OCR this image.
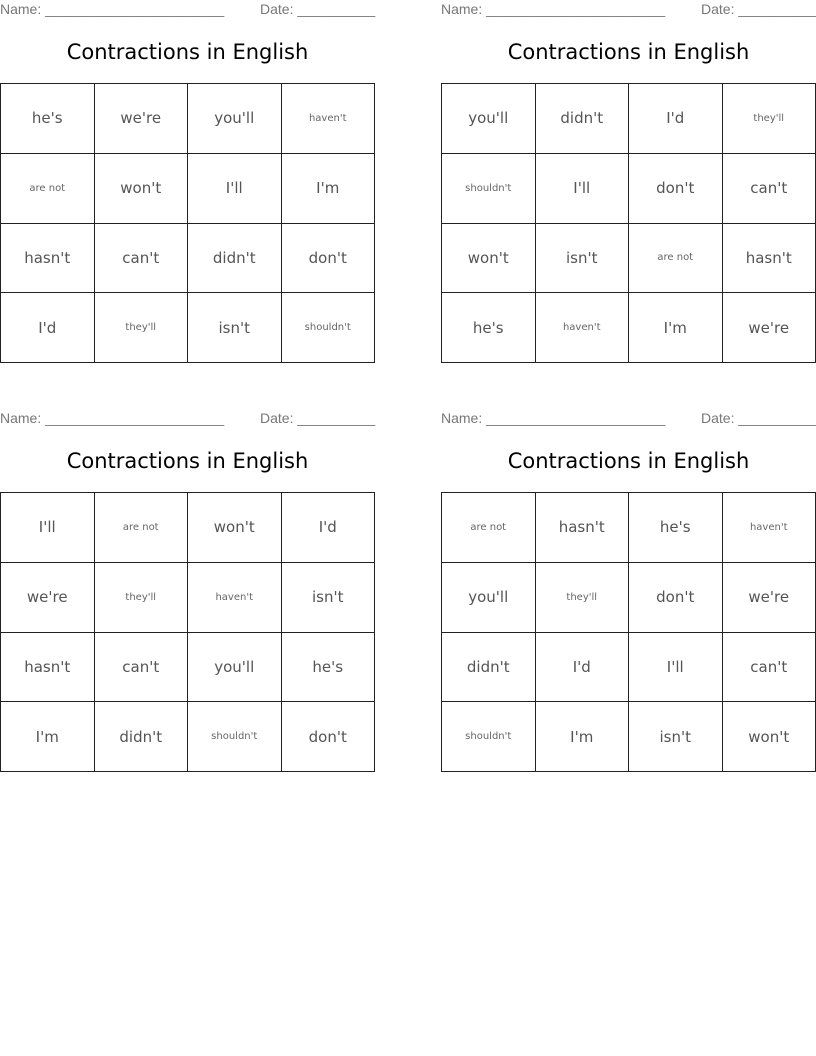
Name: _______________________	Date: __________
Contractions in English
he's	we're	you'll	haven't
are not	won't	I'll	I'm
hasn't	can't	didn't	don't
I'd	they'll	isn't	shouldn't
Name: _______________________	Date: __________
Contractions in English
you'll	didn't	I'd	they'll
shouldn't	I'll	don't	can't
won't	isn't	are not	hasn't
he's	haven't	I'm	we're
Name: _______________________	Date: __________
Contractions in English
I'll	are not	won't	I'd
we're	they'll	haven't	isn't
hasn't	can't	you'll	he's
I'm	didn't	shouldn't	don't
Name: _______________________	Date: __________
Contractions in English
are not	hasn't	he's	haven't
you'll	they'll	don't	we're
didn't	I'd	I'll	can't
shouldn't	I'm	isn't	won't
